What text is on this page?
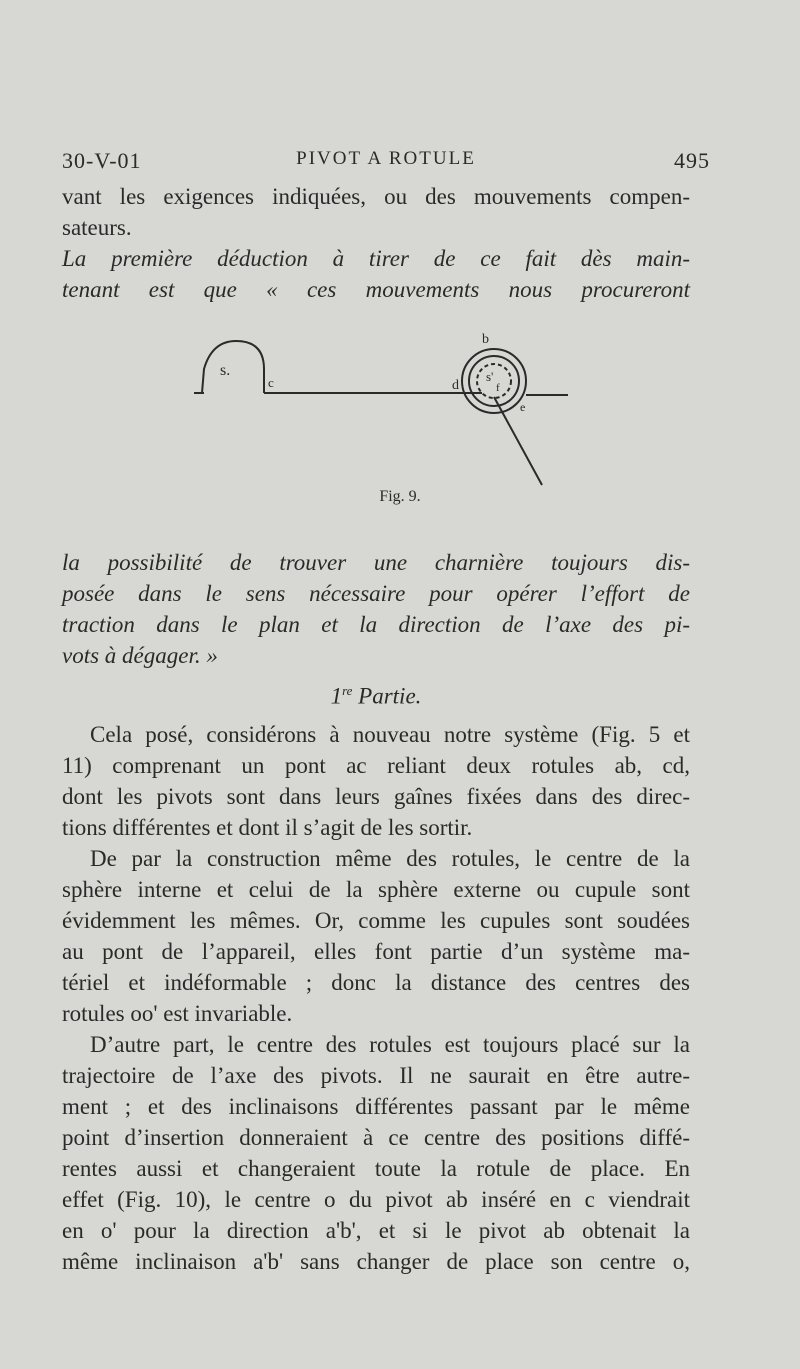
30-V-01	PIVOT A ROTULE	495
vant les exigences indiquées, ou des mouvements compen-
sateurs.
La première déduction à tirer de ce fait dès main-
tenant est que « ces mouvements nous procureront
s.
c
b
d
s'
f
e
Fig. 9.
la possibilité de trouver une charnière toujours dis-
posée dans le sens nécessaire pour opérer l’effort de
traction dans le plan et la direction de l’axe des pi-
vots à dégager. »
1re Partie.
Cela posé, considérons à nouveau notre système (Fig. 5 et
11) comprenant un pont ac reliant deux rotules ab, cd,
dont les pivots sont dans leurs gaînes fixées dans des direc-
tions différentes et dont il s’agit de les sortir.
De par la construction même des rotules, le centre de la
sphère interne et celui de la sphère externe ou cupule sont
évidemment les mêmes. Or, comme les cupules sont soudées
au pont de l’appareil, elles font partie d’un système ma-
tériel et indéformable ; donc la distance des centres des
rotules oo' est invariable.
D’autre part, le centre des rotules est toujours placé sur la
trajectoire de l’axe des pivots. Il ne saurait en être autre-
ment ; et des inclinaisons différentes passant par le même
point d’insertion donneraient à ce centre des positions diffé-
rentes aussi et changeraient toute la rotule de place. En
effet (Fig. 10), le centre o du pivot ab inséré en c viendrait
en o' pour la direction a'b', et si le pivot ab obtenait la
même inclinaison a'b' sans changer de place son centre o,
